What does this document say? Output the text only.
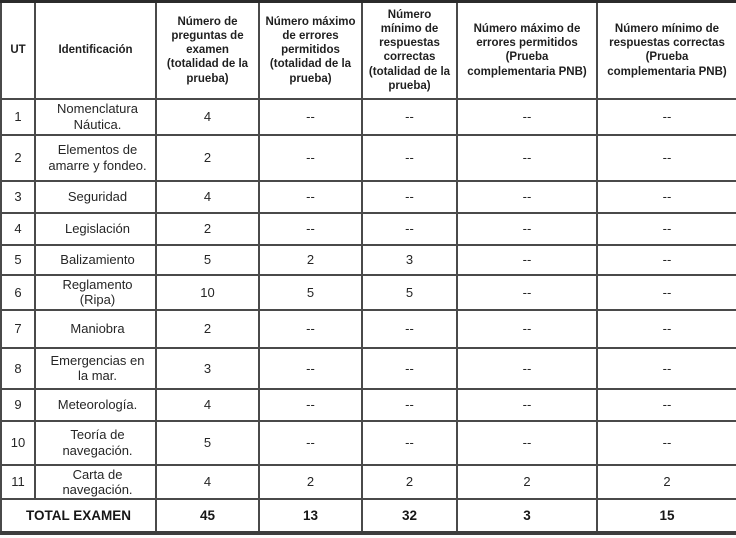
UT	Identificación	Número de preguntas de examen (totalidad de la prueba)	Número máximo de errores permitidos (totalidad de la prueba)	Número mínimo de respuestas correctas (totalidad de la prueba)	Número máximo de errores permitidos (Prueba complementaria PNB)	Número mínimo de respuestas correctas (Prueba complementaria PNB)
1	Nomenclatura Náutica.	4	--	--	--	--
2	Elementos de amarre y fondeo.	2	--	--	--	--
3	Seguridad	4	--	--	--	--
4	Legislación	2	--	--	--	--
5	Balizamiento	5	2	3	--	--
6	Reglamento (Ripa)	10	5	5	--	--
7	Maniobra	2	--	--	--	--
8	Emergencias en la mar.	3	--	--	--	--
9	Meteorología.	4	--	--	--	--
10	Teoría de navegación.	5	--	--	--	--
11	Carta de navegación.	4	2	2	2	2
TOTAL EXAMEN		45	13	32	3	15
